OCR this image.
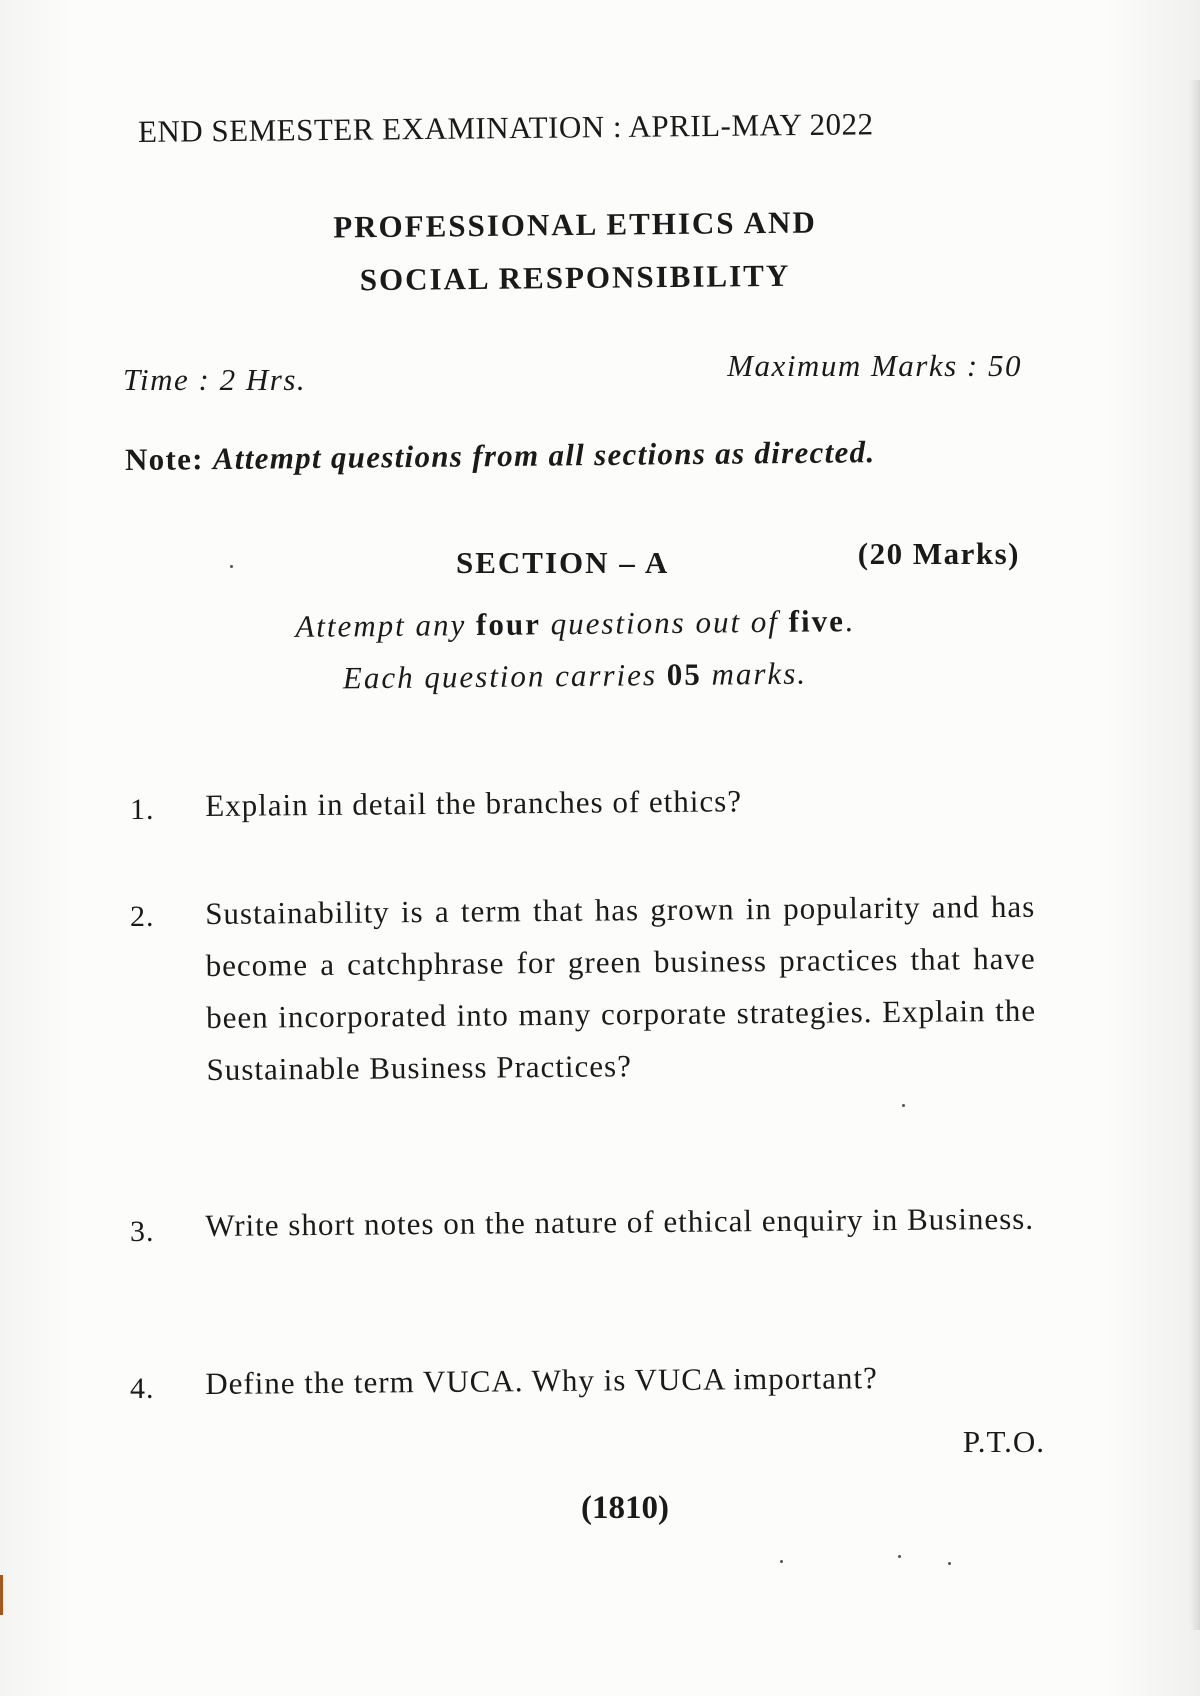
END SEMESTER EXAMINATION : APRIL-MAY 2022
PROFESSIONAL ETHICS AND
SOCIAL RESPONSIBILITY
Time : 2 Hrs.	Maximum Marks : 50
Note: Attempt questions from all sections as directed.
SECTION – A	(20 Marks)
Attempt any four questions out of five.
Each question carries 05 marks.
1. Explain in detail the branches of ethics?
2. Sustainability is a term that has grown in popularity and has become a catchphrase for green business practices that have been incorporated into many corporate strategies. Explain the Sustainable Business Practices?
3. Write short notes on the nature of ethical enquiry in Business.
4. Define the term VUCA. Why is VUCA important?
P.T.O.
(1810)
